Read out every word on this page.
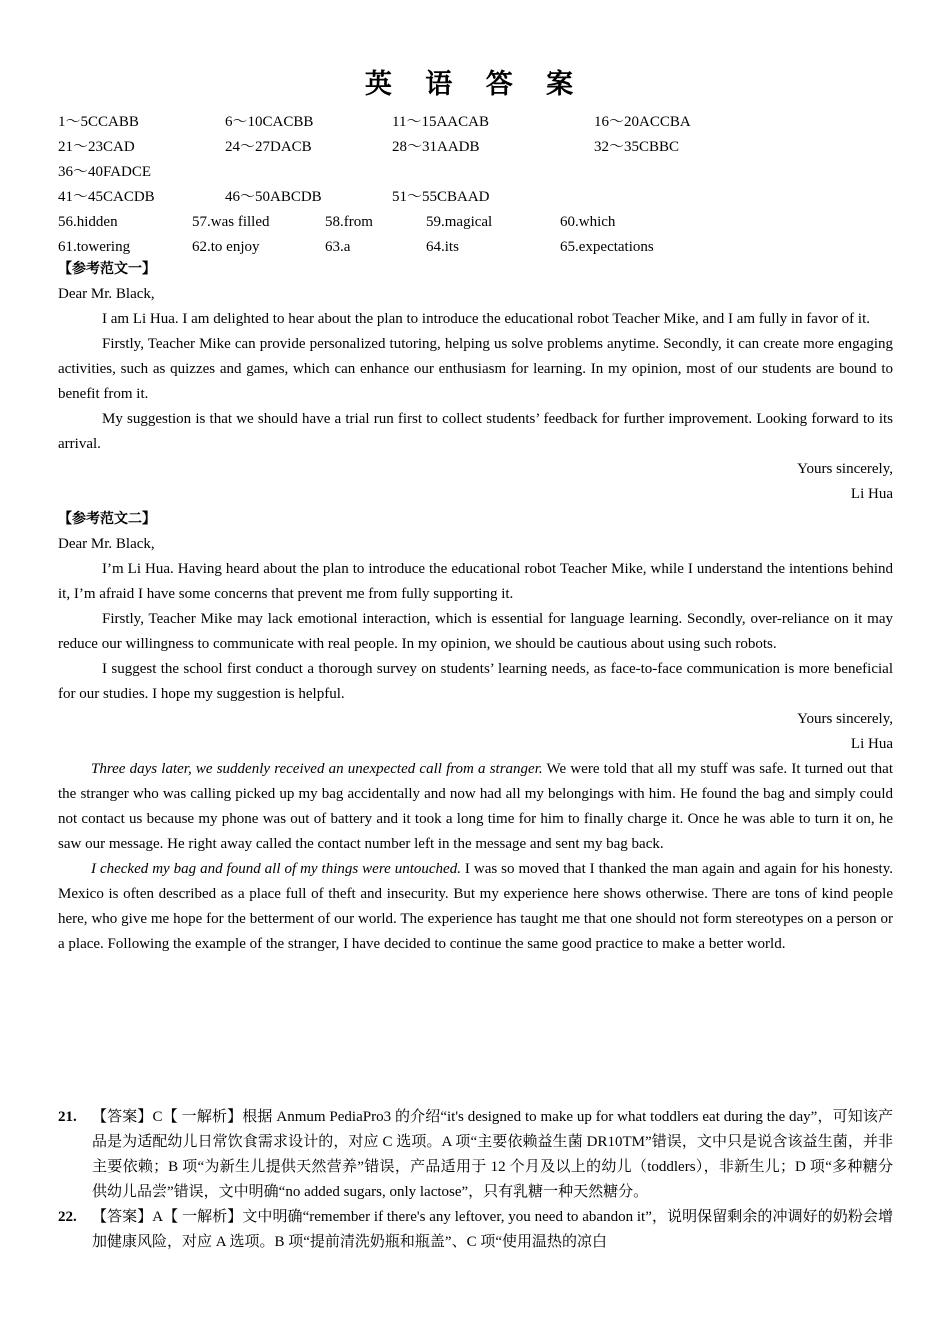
英 语 答 案
1～5CCABB	6～10CACBB	11～15AACAB	16～20ACCBA
21～23CAD	24～27DACB	28～31AADB	32～35CBBC
36～40FADCE
41～45CACDB	46～50ABCDB	51～55CBAAD
56.hidden	57.was filled	58.from	59.magical	60.which
61.towering	62.to enjoy	63.a	64.its	65.expectations

【参考范文一】

Dear Mr. Black,

I am Li Hua. I am delighted to hear about the plan to introduce the educational robot Teacher Mike, and I am fully in favor of it.

Firstly, Teacher Mike can provide personalized tutoring, helping us solve problems anytime. Secondly, it can create more engaging activities, such as quizzes and games, which can enhance our enthusiasm for learning. In my opinion, most of our students are bound to benefit from it.

My suggestion is that we should have a trial run first to collect students’ feedback for further improvement. Looking forward to its arrival.

Yours sincerely,

Li Hua

【参考范文二】

Dear Mr. Black,

I’m Li Hua. Having heard about the plan to introduce the educational robot Teacher Mike, while I understand the intentions behind it, I’m afraid I have some concerns that prevent me from fully supporting it.

Firstly, Teacher Mike may lack emotional interaction, which is essential for language learning. Secondly, over-reliance on it may reduce our willingness to communicate with real people. In my opinion, we should be cautious about using such robots.

I suggest the school first conduct a thorough survey on students’ learning needs, as face-to-face communication is more beneficial for our studies. I hope my suggestion is helpful.

Yours sincerely,

Li Hua

Three days later, we suddenly received an unexpected call from a stranger. We were told that all my stuff was safe. It turned out that the stranger who was calling picked up my bag accidentally and now had all my belongings with him. He found the bag and simply could not contact us because my phone was out of battery and it took a long time for him to finally charge it. Once he was able to turn it on, he saw our message. He right away called the contact number left in the message and sent my bag back.

I checked my bag and found all of my things were untouched. I was so moved that I thanked the man again and again for his honesty. Mexico is often described as a place full of theft and insecurity. But my experience here shows otherwise. There are tons of kind people here, who give me hope for the betterment of our world. The experience has taught me that one should not form stereotypes on a person or a place. Following the example of the stranger, I have decided to continue the same good practice to make a better world.

21. 【答案】C【 一解析】根据 Anmum PediaPro3 的介绍“it's designed to make up for what toddlers eat during the day”，可知该产品是为适配幼儿日常饮食需求设计的，对应 C 选项。A 项“主要依赖益生菌 DR10TM”错误，文中只是说含该益生菌，并非主要依赖；B 项“为新生儿提供天然营养”错误，产品适用于 12 个月及以上的幼儿（toddlers），非新生儿；D 项“多种糖分供幼儿品尝”错误，文中明确“no added sugars, only lactose”，只有乳糖一种天然糖分。

22. 【答案】A【 一解析】文中明确“remember if there's any leftover, you need to abandon it”，说明保留剩余的冲调好的奶粉会增加健康风险，对应 A 选项。B 项“提前清洗奶瓶和瓶盖”、C 项“使用温热的凉白
